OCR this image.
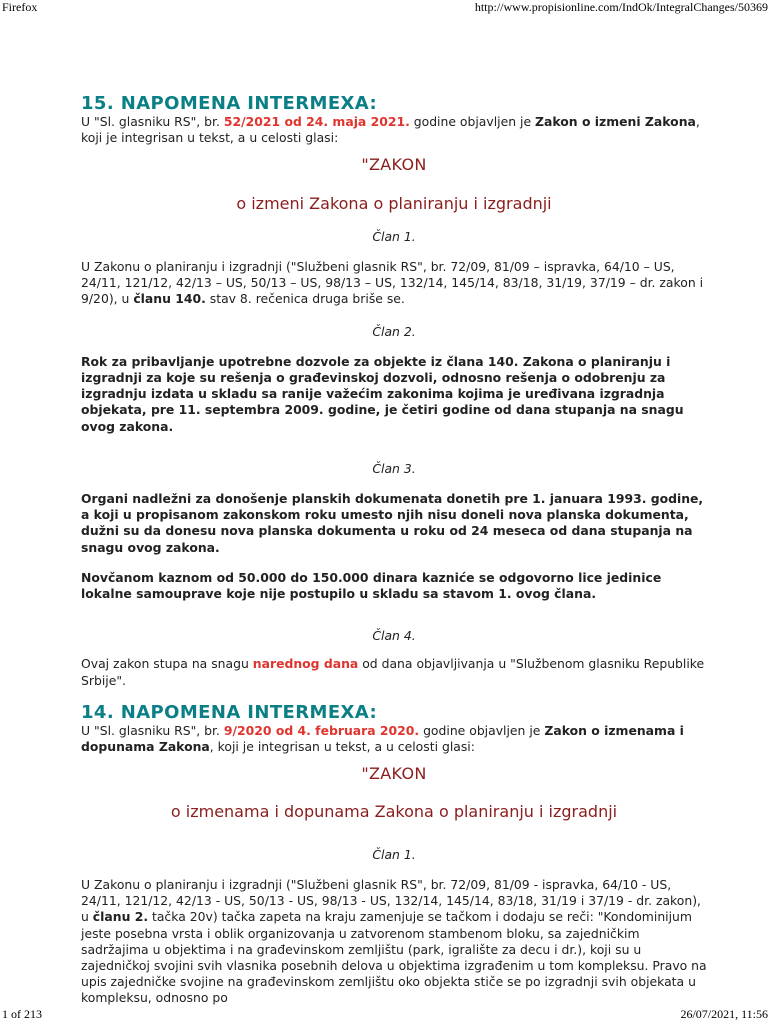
Firefox	http://www.propisionline.com/IndOk/IntegralChanges/50369
15. NAPOMENA INTERMEXA:

U "Sl. glasniku RS", br. 52/2021 od 24. maja 2021. godine objavljen je Zakon o izmeni Zakona, koji je integrisan u tekst, a u celosti glasi:

"ZAKON

o izmeni Zakona o planiranju i izgradnji

Član 1.

U Zakonu o planiranju i izgradnji ("Službeni glasnik RS", br. 72/09, 81/09 – ispravka, 64/10 – US, 24/11, 121/12, 42/13 – US, 50/13 – US, 98/13 – US, 132/14, 145/14, 83/18, 31/19, 37/19 – dr. zakon i 9/20), u članu 140. stav 8. rečenica druga briše se.

Član 2.

Rok za pribavljanje upotrebne dozvole za objekte iz člana 140. Zakona o planiranju i izgradnji za koje su rešenja o građevinskoj dozvoli, odnosno rešenja o odobrenju za izgradnju izdata u skladu sa ranije važećim zakonima kojima je uređivana izgradnja objekata, pre 11. septembra 2009. godine, je četiri godine od dana stupanja na snagu ovog zakona.

Član 3.

Organi nadležni za donošenje planskih dokumenata donetih pre 1. januara 1993. godine, a koji u propisanom zakonskom roku umesto njih nisu doneli nova planska dokumenta, dužni su da donesu nova planska dokumenta u roku od 24 meseca od dana stupanja na snagu ovog zakona.

Novčanom kaznom od 50.000 do 150.000 dinara kazniće se odgovorno lice jedinice lokalne samouprave koje nije postupilo u skladu sa stavom 1. ovog člana.

Član 4.

Ovaj zakon stupa na snagu narednog dana od dana objavljivanja u "Službenom glasniku Republike Srbije".

14. NAPOMENA INTERMEXA:

U "Sl. glasniku RS", br. 9/2020 od 4. februara 2020. godine objavljen je Zakon o izmenama i dopunama Zakona, koji je integrisan u tekst, a u celosti glasi:

"ZAKON

o izmenama i dopunama Zakona o planiranju i izgradnji

Član 1.

U Zakonu o planiranju i izgradnji ("Službeni glasnik RS", br. 72/09, 81/09 - ispravka, 64/10 - US, 24/11, 121/12, 42/13 - US, 50/13 - US, 98/13 - US, 132/14, 145/14, 83/18, 31/19 i 37/19 - dr. zakon), u članu 2. tačka 20v) tačka zapeta na kraju zamenjuje se tačkom i dodaju se reči: "Kondominijum jeste posebna vrsta i oblik organizovanja u zatvorenom stambenom bloku, sa zajedničkim sadržajima u objektima i na građevinskom zemljištu (park, igralište za decu i dr.), koji su u zajedničkoj svojini svih vlasnika posebnih delova u objektima izgrađenim u tom kompleksu. Pravo na upis zajedničke svojine na građevinskom zemljištu oko objekta stiče se po izgradnji svih objekata u kompleksu, odnosno po

1 of 213	26/07/2021, 11:56
